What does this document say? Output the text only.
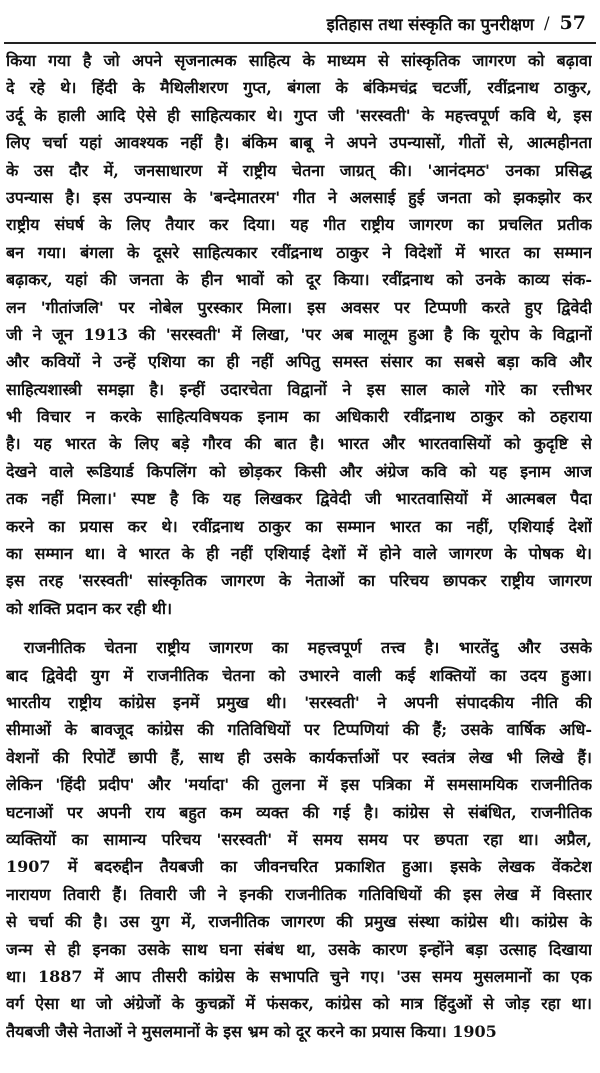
इतिहास तथा संस्कृति का पुनरीक्षण / 57
किया गया है जो अपने सृजनात्मक साहित्य के माध्यम से सांस्कृतिक जागरण को बढ़ावा
दे रहे थे। हिंदी के मैथिलीशरण गुप्त, बंगला के बंकिमचंद्र चटर्जी, रवींद्रनाथ ठाकुर,
उर्दू के हाली आदि ऐसे ही साहित्यकार थे। गुप्त जी 'सरस्वती' के महत्त्वपूर्ण कवि थे, इस
लिए चर्चा यहां आवश्यक नहीं है। बंकिम बाबू ने अपने उपन्यासों, गीतों से, आत्महीनता
के उस दौर में, जनसाधारण में राष्ट्रीय चेतना जाग्रत् की। 'आनंदमठ' उनका प्रसिद्ध
उपन्यास है। इस उपन्यास के 'बन्देमातरम' गीत ने अलसाई हुई जनता को झकझोर कर
राष्ट्रीय संघर्ष के लिए तैयार कर दिया। यह गीत राष्ट्रीय जागरण का प्रचलित प्रतीक
बन गया। बंगला के दूसरे साहित्यकार रवींद्रनाथ ठाकुर ने विदेशों में भारत का सम्मान
बढ़ाकर, यहां की जनता के हीन भावों को दूर किया। रवींद्रनाथ को उनके काव्य संक-
लन 'गीतांजलि' पर नोबेल पुरस्कार मिला। इस अवसर पर टिप्पणी करते हुए द्विवेदी
जी ने जून 1913 की 'सरस्वती' में लिखा, 'पर अब मालूम हुआ है कि यूरोप के विद्वानों
और कवियों ने उन्हें एशिया का ही नहीं अपितु समस्त संसार का सबसे बड़ा कवि और
साहित्यशास्त्री समझा है। इन्हीं उदारचेता विद्वानों ने इस साल काले गोरे का रत्तीभर
भी विचार न करके साहित्यविषयक इनाम का अधिकारी रवींद्रनाथ ठाकुर को ठहराया
है। यह भारत के लिए बड़े गौरव की बात है। भारत और भारतवासियों को कुदृष्टि से
देखने वाले रूडियार्ड किपलिंग को छोड़कर किसी और अंग्रेज कवि को यह इनाम आज
तक नहीं मिला।' स्पष्ट है कि यह लिखकर द्विवेदी जी भारतवासियों में आत्मबल पैदा
करने का प्रयास कर थे। रवींद्रनाथ ठाकुर का सम्मान भारत का नहीं, एशियाई देशों
का सम्मान था। वे भारत के ही नहीं एशियाई देशों में होने वाले जागरण के पोषक थे।
इस तरह 'सरस्वती' सांस्कृतिक जागरण के नेताओं का परिचय छापकर राष्ट्रीय जागरण
को शक्ति प्रदान कर रही थी।
राजनीतिक चेतना राष्ट्रीय जागरण का महत्त्वपूर्ण तत्त्व है। भारतेंदु और उसके
बाद द्विवेदी युग में राजनीतिक चेतना को उभारने वाली कई शक्तियों का उदय हुआ।
भारतीय राष्ट्रीय कांग्रेस इनमें प्रमुख थी। 'सरस्वती' ने अपनी संपादकीय नीति की
सीमाओं के बावजूद कांग्रेस की गतिविधियों पर टिप्पणियां की हैं; उसके वार्षिक अधि-
वेशनों की रिपोर्टें छापी हैं, साथ ही उसके कार्यकर्त्ताओं पर स्वतंत्र लेख भी लिखे हैं।
लेकिन 'हिंदी प्रदीप' और 'मर्यादा' की तुलना में इस पत्रिका में समसामयिक राजनीतिक
घटनाओं पर अपनी राय बहुत कम व्यक्त की गई है। कांग्रेस से संबंधित, राजनीतिक
व्यक्तियों का सामान्य परिचय 'सरस्वती' में समय समय पर छपता रहा था। अप्रैल,
1907 में बदरुद्दीन तैयबजी का जीवनचरित प्रकाशित हुआ। इसके लेखक वेंकटेश
नारायण तिवारी हैं। तिवारी जी ने इनकी राजनीतिक गतिविधियों की इस लेख में विस्तार
से चर्चा की है। उस युग में, राजनीतिक जागरण की प्रमुख संस्था कांग्रेस थी। कांग्रेस के
जन्म से ही इनका उसके साथ घना संबंध था, उसके कारण इन्होंने बड़ा उत्साह दिखाया
था। 1887 में आप तीसरी कांग्रेस के सभापति चुने गए। 'उस समय मुसलमानों का एक
वर्ग ऐसा था जो अंग्रेजों के कुचक्रों में फंसकर, कांग्रेस को मात्र हिंदुओं से जोड़ रहा था।
तैयबजी जैसे नेताओं ने मुसलमानों के इस भ्रम को दूर करने का प्रयास किया। 1905
